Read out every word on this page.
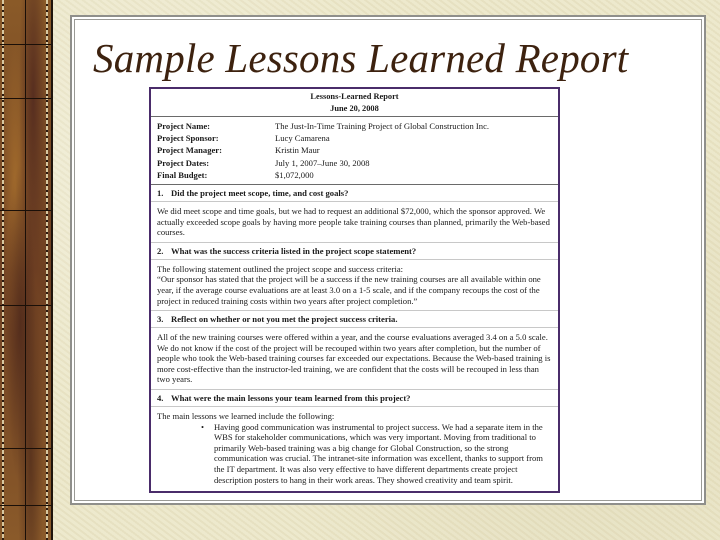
Sample Lessons Learned Report
Lessons-Learned Report
June 20, 2008
Project Name:	The Just-In-Time Training Project of Global Construction Inc.
Project Sponsor:	Lucy Camarena
Project Manager:	Kristin Maur
Project Dates:	July 1, 2007–June 30, 2008
Final Budget:	$1,072,000
1. Did the project meet scope, time, and cost goals?

We did meet scope and time goals, but we had to request an additional $72,000, which the sponsor approved. We actually exceeded scope goals by having more people take training courses than planned, primarily the Web-based courses.

2. What was the success criteria listed in the project scope statement?

The following statement outlined the project scope and success criteria:

“Our sponsor has stated that the project will be a success if the new training courses are all available within one year, if the average course evaluations are at least 3.0 on a 1-5 scale, and if the company recoups the cost of the project in reduced training costs within two years after project completion.”

3. Reflect on whether or not you met the project success criteria.

All of the new training courses were offered within a year, and the course evaluations averaged 3.4 on a 5.0 scale. We do not know if the cost of the project will be recouped within two years after completion, but the number of people who took the Web-based training courses far exceeded our expectations. Because the Web-based training is more cost-effective than the instructor-led training, we are confident that the costs will be recouped in less than two years.

4. What were the main lessons your team learned from this project?

The main lessons we learned include the following:

• Having good communication was instrumental to project success. We had a separate item in the WBS for stakeholder communications, which was very important. Moving from traditional to primarily Web-based training was a big change for Global Construction, so the strong communication was crucial. The intranet-site information was excellent, thanks to support from the IT department. It was also very effective to have different departments create project description posters to hang in their work areas. They showed creativity and team spirit.
